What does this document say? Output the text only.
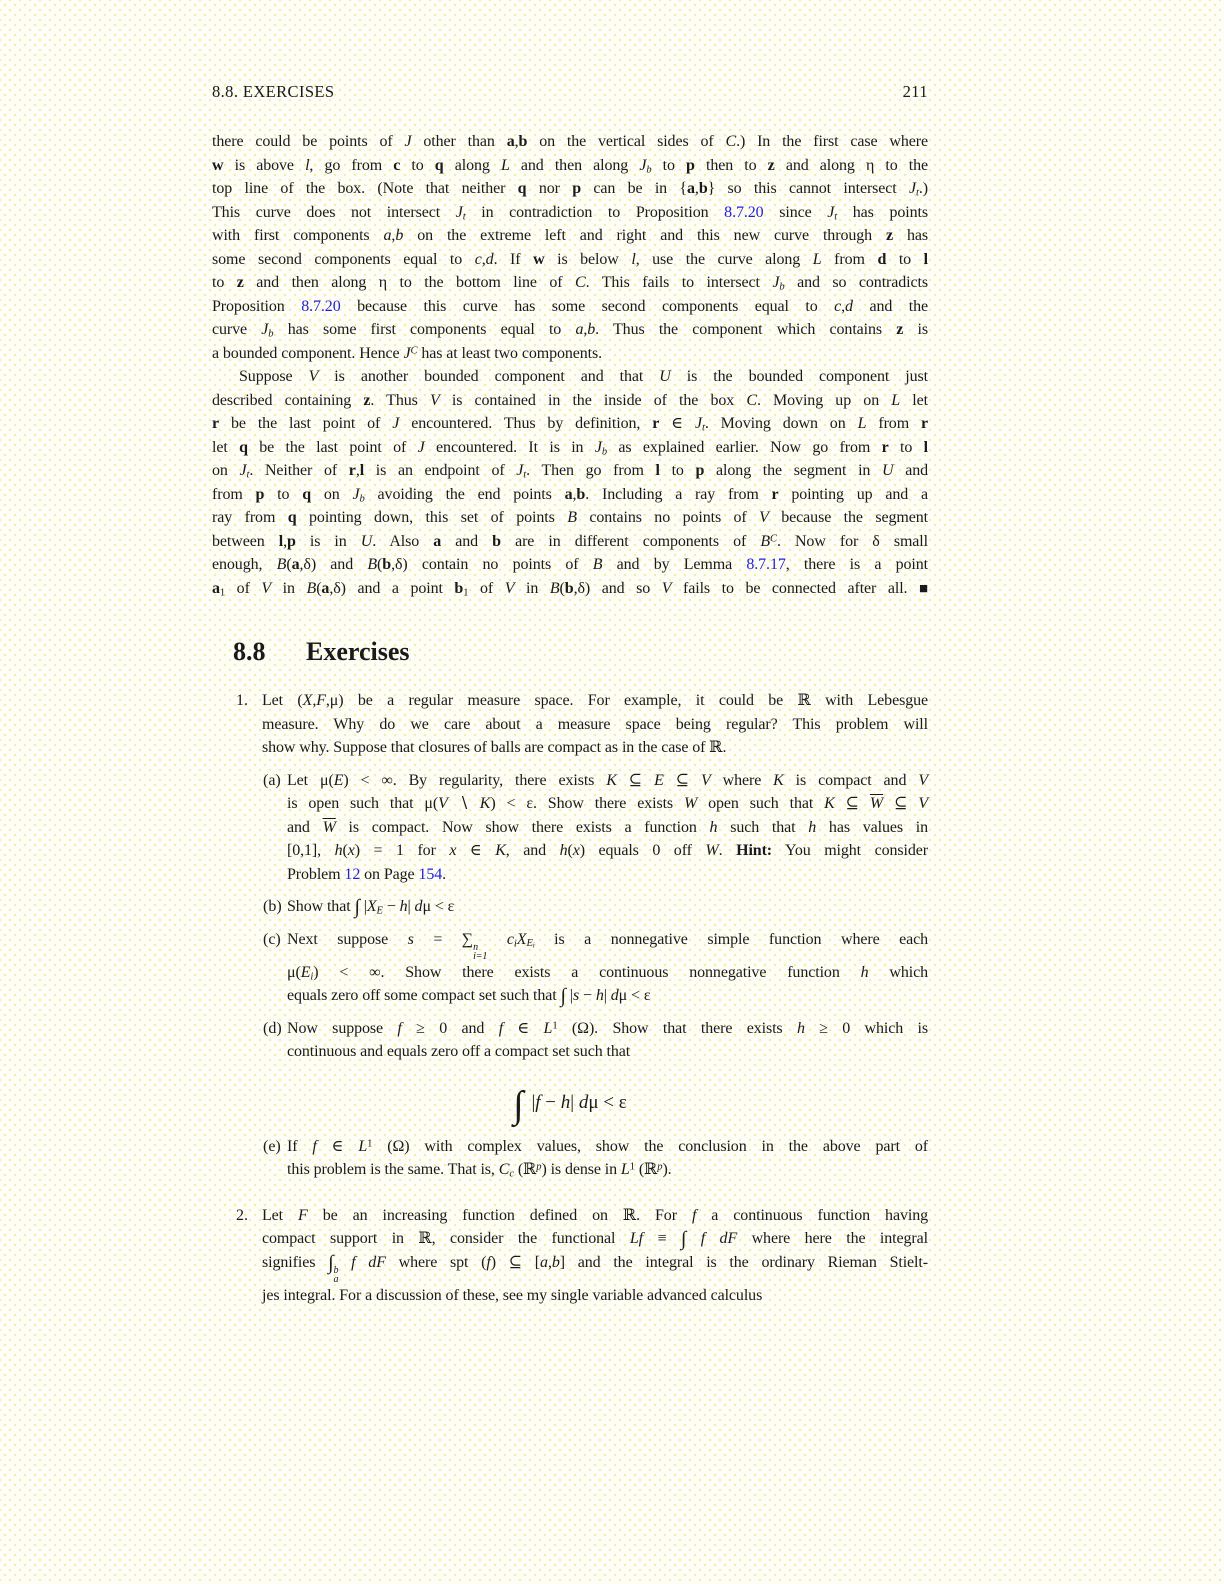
8.8. EXERCISES	211
there could be points of J other than a,b on the vertical sides of C.) In the first case where
w is above l, go from c to q along L and then along $J_b$ to p then to z and along η to the
top line of the box. (Note that neither q nor p can be in {a,b} so this cannot intersect $J_t$.)
This curve does not intersect $J_t$ in contradiction to Proposition 8.7.20 since $J_t$ has points
with first components a,b on the extreme left and right and this new curve through z has
some second components equal to c,d. If w is below l, use the curve along L from d to l
to z and then along η to the bottom line of C. This fails to intersect $J_b$ and so contradicts
Proposition 8.7.20 because this curve has some second components equal to c,d and the
curve $J_b$ has some first components equal to a,b. Thus the component which contains z is
a bounded component. Hence $J^C$ has at least two components.
Suppose V is another bounded component and that U is the bounded component just
described containing z. Thus V is contained in the inside of the box C. Moving up on L let
r be the last point of J encountered. Thus by definition, r ∈ $J_t$. Moving down on L from r
let q be the last point of J encountered. It is in $J_b$ as explained earlier. Now go from r to l
on $J_t$. Neither of r,l is an endpoint of $J_t$. Then go from l to p along the segment in U and
from p to q on $J_b$ avoiding the end points a,b. Including a ray from r pointing up and a
ray from q pointing down, this set of points B contains no points of V because the segment
between l,p is in U. Also a and b are in different components of $B^C$. Now for δ small
enough, B(a,δ) and B(b,δ) contain no points of B and by Lemma 8.7.17, there is a point
$a_1$ of V in B(a,δ) and a point $b_1$ of V in B(b,δ) and so V fails to be connected after all. ■
8.8 Exercises
1. Let (X,F,μ) be a regular measure space. For example, it could be ℝ with Lebesgue
measure. Why do we care about a measure space being regular? This problem will
show why. Suppose that closures of balls are compact as in the case of ℝ.
(a) Let μ(E) < ∞. By regularity, there exists K ⊆ E ⊆ V where K is compact and V
is open such that μ(V ∖ K) < ε. Show there exists W open such that K ⊆ $\overline{W}$ ⊆ V
and $\overline{W}$ is compact. Now show there exists a function h such that h has values in
[0,1], h(x) = 1 for x ∈ K, and h(x) equals 0 off W. Hint: You might consider
Problem 12 on Page 154.
(b) Show that ∫ $|X_E - h|$ dμ < ε
(c) Next suppose s = ∑ n
i=1
$c_iX_{E_i}$ is a nonnegative simple function where each
$\mu(E_i)$ < ∞. Show there exists a continuous nonnegative function h which
equals zero off some compact set such that ∫ |s − h| dμ < ε
(d) Now suppose f ≥ 0 and f ∈ $L^1$ (Ω). Show that there exists h ≥ 0 which is
continuous and equals zero off a compact set such that
∫ |f − h| dμ < ε
(e) If f ∈ $L^1$ (Ω) with complex values, show the conclusion in the above part of
this problem is the same. That is, $C_c$ (ℝ$^p$) is dense in $L^1$ (ℝ$^p$).
2. Let F be an increasing function defined on ℝ. For f a continuous function having
compact support in ℝ, consider the functional Lf ≡ ∫ f dF where here the integral
signifies ∫ b
a
f dF where spt (f) ⊆ [a,b] and the integral is the ordinary Rieman Stielt-
jes integral. For a discussion of these, see my single variable advanced calculus
